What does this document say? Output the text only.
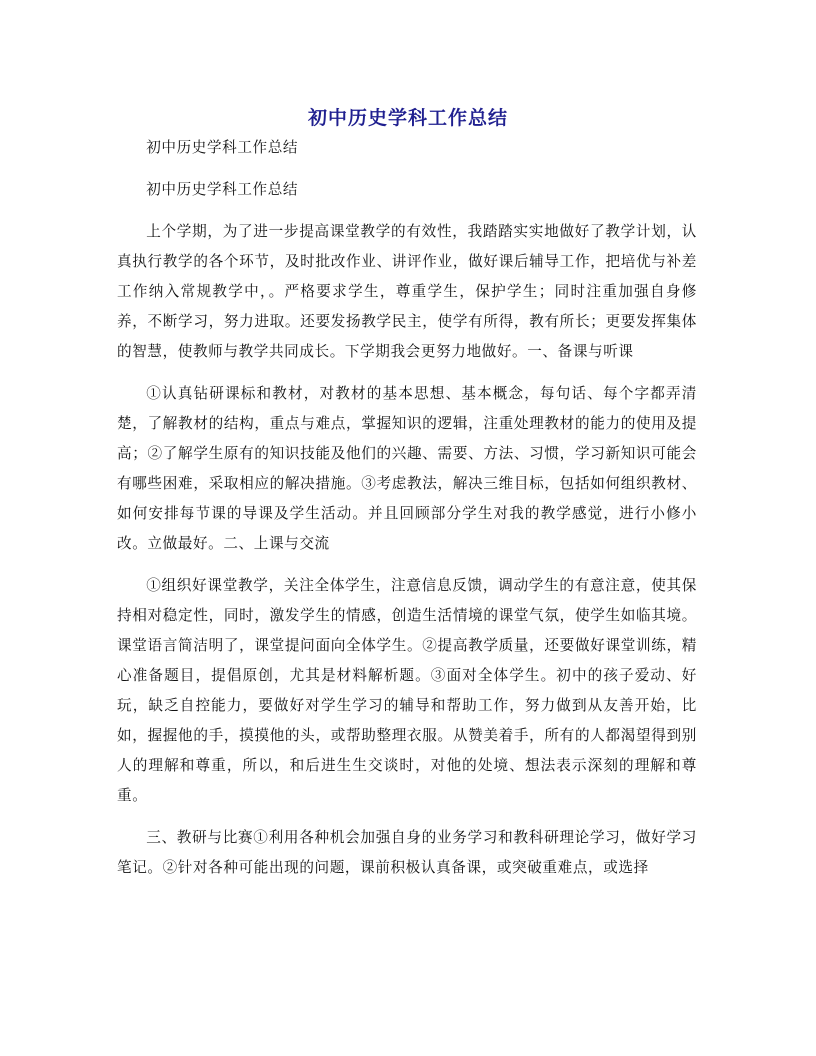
初中历史学科工作总结

初中历史学科工作总结

初中历史学科工作总结

上个学期，为了进一步提高课堂教学的有效性，我踏踏实实地做好了教学计划，认真执行教学的各个环节，及时批改作业、讲评作业，做好课后辅导工作，把培优与补差工作纳入常规教学中，。严格要求学生，尊重学生，保护学生；同时注重加强自身修养，不断学习，努力进取。还要发扬教学民主，使学有所得，教有所长；更要发挥集体的智慧，使教师与教学共同成长。下学期我会更努力地做好。一、备课与听课

①认真钻研课标和教材，对教材的基本思想、基本概念，每句话、每个字都弄清楚，了解教材的结构，重点与难点，掌握知识的逻辑，注重处理教材的能力的使用及提高；②了解学生原有的知识技能及他们的兴趣、需要、方法、习惯，学习新知识可能会有哪些困难，采取相应的解决措施。③考虑教法，解决三维目标，包括如何组织教材、如何安排每节课的导课及学生活动。并且回顾部分学生对我的教学感觉，进行小修小改。立做最好。二、上课与交流

①组织好课堂教学，关注全体学生，注意信息反馈，调动学生的有意注意，使其保持相对稳定性，同时，激发学生的情感，创造生活情境的课堂气氛，使学生如临其境。课堂语言简洁明了，课堂提问面向全体学生。②提高教学质量，还要做好课堂训练，精心准备题目，提倡原创，尤其是材料解析题。③面对全体学生。初中的孩子爱动、好玩，缺乏自控能力，要做好对学生学习的辅导和帮助工作，努力做到从友善开始，比如，握握他的手，摸摸他的头，或帮助整理衣服。从赞美着手，所有的人都渴望得到别人的理解和尊重，所以，和后进生生交谈时，对他的处境、想法表示深刻的理解和尊重。

三、教研与比赛①利用各种机会加强自身的业务学习和教科研理论学习，做好学习笔记。②针对各种可能出现的问题，课前积极认真备课，或突破重难点，或选择
